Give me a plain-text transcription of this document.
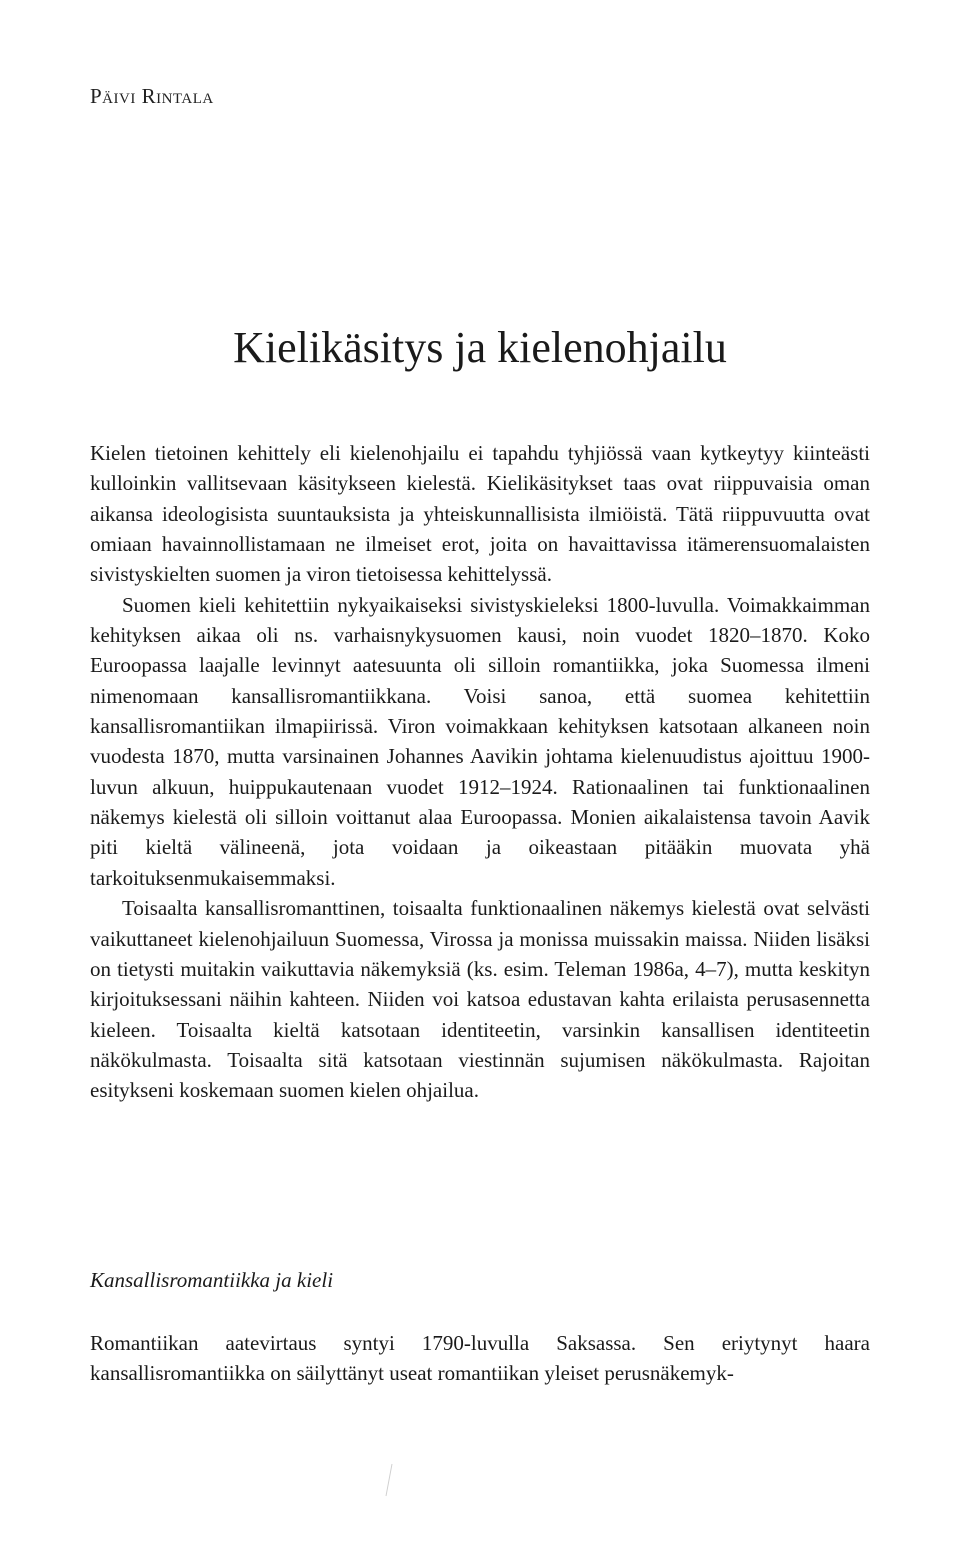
Päivi Rintala
Kielikäsitys ja kielenohjailu

Kielen tietoinen kehittely eli kielenohjailu ei tapahdu tyhjiössä vaan kytkeytyy kiinteästi kulloinkin vallitsevaan käsitykseen kielestä. Kielikäsitykset taas ovat riippuvaisia oman aikansa ideologisista suuntauksista ja yhteiskunnallisista ilmiöistä. Tätä riippuvuutta ovat omiaan havainnollistamaan ne ilmeiset erot, joita on havaittavissa itämerensuomalaisten sivistyskielten suomen ja viron tietoisessa kehittelyssä.

Suomen kieli kehitettiin nykyaikaiseksi sivistyskieleksi 1800-luvulla. Voimakkaimman kehityksen aikaa oli ns. varhaisnykysuomen kausi, noin vuodet 1820–1870. Koko Euroopassa laajalle levinnyt aatesuunta oli silloin romantiikka, joka Suomessa ilmeni nimenomaan kansallisromantiikkana. Voisi sanoa, että suomea kehitettiin kansallisromantiikan ilmapiirissä. Viron voimakkaan kehityksen katsotaan alkaneen noin vuodesta 1870, mutta varsinainen Johannes Aavikin johtama kielenuudistus ajoittuu 1900-luvun alkuun, huippukautenaan vuodet 1912–1924. Rationaalinen tai funktionaalinen näkemys kielestä oli silloin voittanut alaa Euroopassa. Monien aikalaistensa tavoin Aavik piti kieltä välineenä, jota voidaan ja oikeastaan pitääkin muovata yhä tarkoituksenmukaisemmaksi.

Toisaalta kansallisromanttinen, toisaalta funktionaalinen näkemys kielestä ovat selvästi vaikuttaneet kielenohjailuun Suomessa, Virossa ja monissa muissakin maissa. Niiden lisäksi on tietysti muitakin vaikuttavia näkemyksiä (ks. esim. Teleman 1986a, 4–7), mutta keskityn kirjoituksessani näihin kahteen. Niiden voi katsoa edustavan kahta erilaista perusasennetta kieleen. Toisaalta kieltä katsotaan identiteetin, varsinkin kansallisen identiteetin näkökulmasta. Toisaalta sitä katsotaan viestinnän sujumisen näkökulmasta. Rajoitan esitykseni koskemaan suomen kielen ohjailua.

Kansallisromantiikka ja kieli

Romantiikan aatevirtaus syntyi 1790-luvulla Saksassa. Sen eriytynyt haara kansallisromantiikka on säilyttänyt useat romantiikan yleiset perusnäkemyk-
